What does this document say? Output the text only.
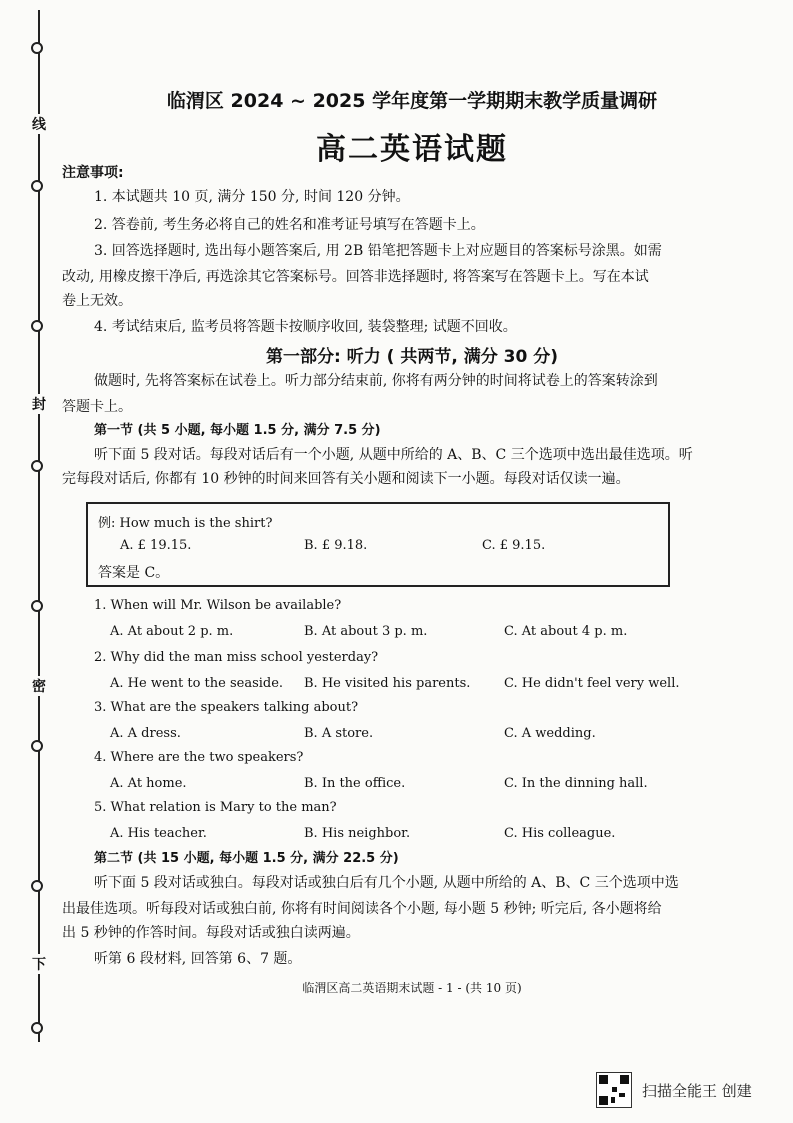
线
封
密
下
临渭区 2024 ~ 2025 学年度第一学期期末教学质量调研
高二英语试题
注意事项:
1. 本试题共 10 页, 满分 150 分, 时间 120 分钟。
2. 答卷前, 考生务必将自己的姓名和准考证号填写在答题卡上。
3. 回答选择题时, 选出每小题答案后, 用 2B 铅笔把答题卡上对应题目的答案标号涂黑。如需
改动, 用橡皮擦干净后, 再选涂其它答案标号。回答非选择题时, 将答案写在答题卡上。写在本试
卷上无效。
4. 考试结束后, 监考员将答题卡按顺序收回, 装袋整理; 试题不回收。
第一部分: 听力 ( 共两节, 满分 30 分)
做题时, 先将答案标在试卷上。听力部分结束前, 你将有两分钟的时间将试卷上的答案转涂到
答题卡上。
第一节 (共 5 小题, 每小题 1.5 分, 满分 7.5 分)
听下面 5 段对话。每段对话后有一个小题, 从题中所给的 A、B、C 三个选项中选出最佳选项。听
完每段对话后, 你都有 10 秒钟的时间来回答有关小题和阅读下一小题。每段对话仅读一遍。
例: How much is the shirt?
A. £ 19.15.	B. £ 9.18.	C. £ 9.15.
答案是 C。
1. When will Mr. Wilson be available?
A. At about 2 p. m.	B. At about 3 p. m.	C. At about 4 p. m.
2. Why did the man miss school yesterday?
A. He went to the seaside. B. He visited his parents.	C. He didn't feel very well.
3. What are the speakers talking about?
A. A dress.	B. A store.	C. A wedding.
4. Where are the two speakers?
A. At home.	B. In the office.	C. In the dinning hall.
5. What relation is Mary to the man?
A. His teacher.	B. His neighbor.	C. His colleague.
第二节 (共 15 小题, 每小题 1.5 分, 满分 22.5 分)
听下面 5 段对话或独白。每段对话或独白后有几个小题, 从题中所给的 A、B、C 三个选项中选
出最佳选项。听每段对话或独白前, 你将有时间阅读各个小题, 每小题 5 秒钟; 听完后, 各小题将给
出 5 秒钟的作答时间。每段对话或独白读两遍。
听第 6 段材料, 回答第 6、7 题。
临渭区高二英语期末试题 - 1 - (共 10 页)
扫描全能王 创建
